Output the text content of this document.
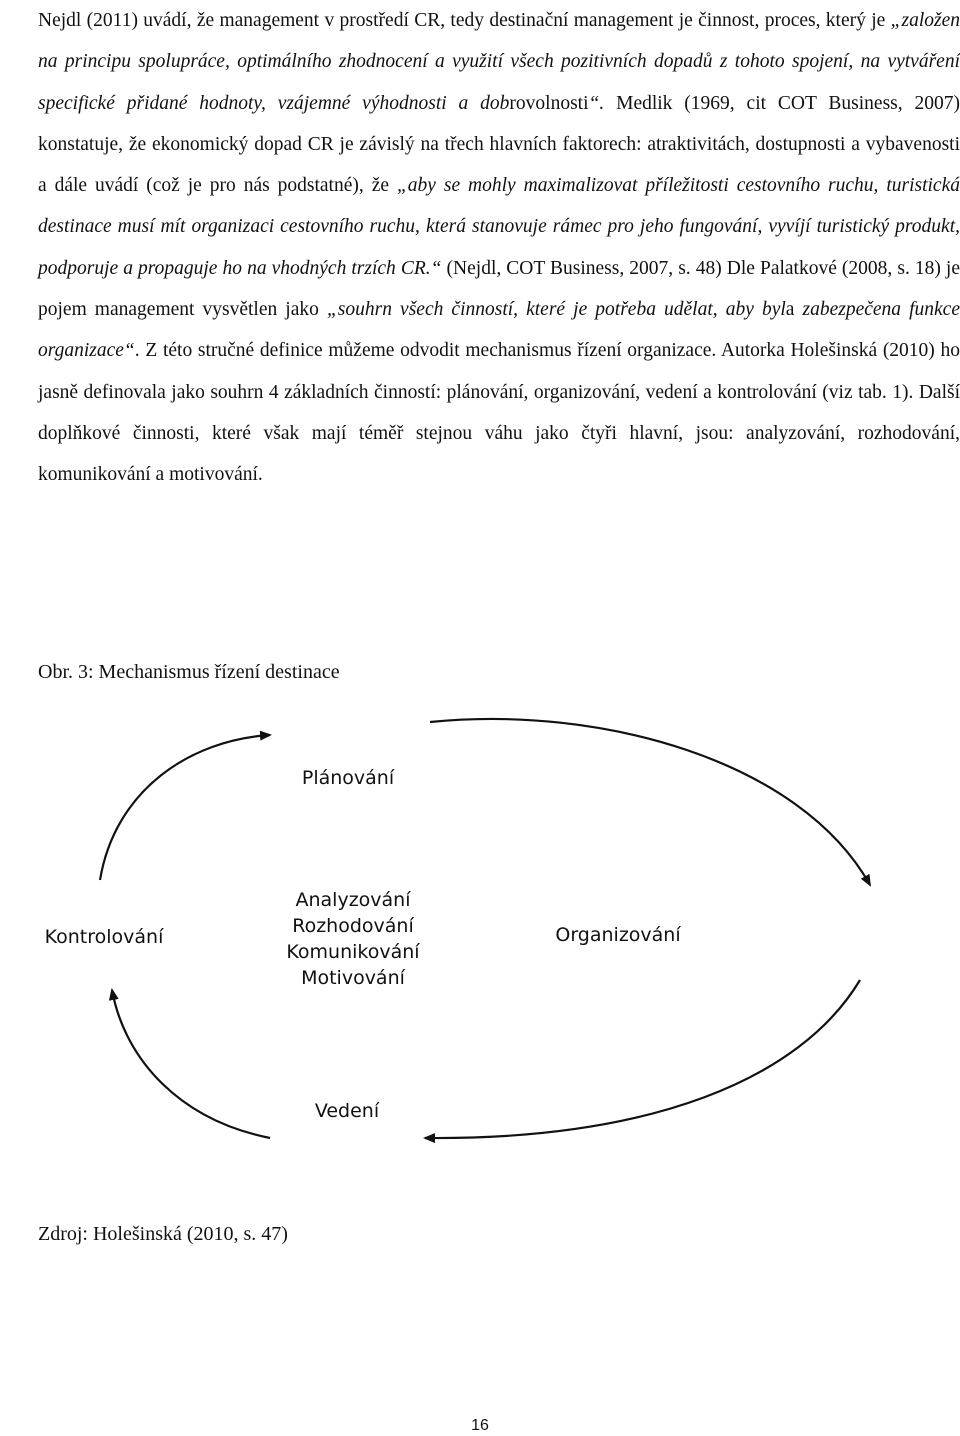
Nejdl (2011) uvádí, že management v prostředí CR, tedy destinační management je činnost, proces, který je „založen na principu spolupráce, optimálního zhodnocení a využití všech pozitivních dopadů z tohoto spojení, na vytváření specifické přidané hodnoty, vzájemné výhodnosti a dobrovolnosti“. Medlik (1969, cit COT Business, 2007) konstatuje, že ekonomický dopad CR je závislý na třech hlavních faktorech: atraktivitách, dostupnosti a vybavenosti a dále uvádí (což je pro nás podstatné), že „aby se mohly maximalizovat příležitosti cestovního ruchu, turistická destinace musí mít organizaci cestovního ruchu, která stanovuje rámec pro jeho fungování, vyvíjí turistický produkt, podporuje a propaguje ho na vhodných trzích CR.“ (Nejdl, COT Business, 2007, s. 48) Dle Palatkové (2008, s. 18) je pojem management vysvětlen jako „souhrn všech činností, které je potřeba udělat, aby byla zabezpečena funkce organizace“. Z této stručné definice můžeme odvodit mechanismus řízení organizace. Autorka Holešinská (2010) ho jasně definovala jako souhrn 4 základních činností: plánování, organizování, vedení a kontrolování (viz tab. 1). Další doplňkové činnosti, které však mají téměř stejnou váhu jako čtyři hlavní, jsou: analyzování, rozhodování, komunikování a motivování.

Obr. 3: Mechanismus řízení destinace

Plánování
Organizování
Vedení
Kontrolování
Analyzování
Rozhodování
Komunikování
Motivování

Zdroj: Holešinská (2010, s. 47)

16
